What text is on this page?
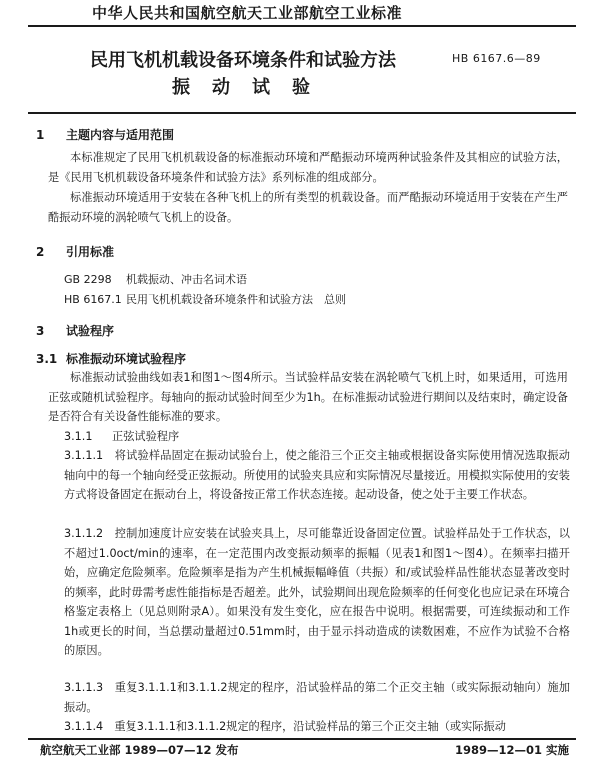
中华人民共和国航空航天工业部航空工业标准
民用飞机机载设备环境条件和试验方法	HB 6167.6—89
振动试验
1 主题内容与适用范围
本标准规定了民用飞机机载设备的标准振动环境和严酷振动环境两种试验条件及其相应的试验方法，是《民用飞机机载设备环境条件和试验方法》系列标准的组成部分。
标准振动环境适用于安装在各种飞机上的所有类型的机载设备。而严酷振动环境适用于安装在产生严酷振动环境的涡轮喷气飞机上的设备。
2 引用标准
GB 2298 机载振动、冲击名词术语
HB 6167.1 民用飞机机载设备环境条件和试验方法　总则
3 试验程序
3.1 标准振动环境试验程序
标准振动试验曲线如表1和图1～图4所示。当试验样品安装在涡轮喷气飞机上时，如果适用，可选用正弦或随机试验程序。每轴向的振动试验时间至少为1h。在标准振动试验进行期间以及结束时，确定设备是否符合有关设备性能标准的要求。
3.1.1 正弦试验程序
3.1.1.1　 将试验样品固定在振动试验台上，使之能沿三个正交主轴或根据设备实际使用情况选取振动轴向中的每一个轴向经受正弦振动。所使用的试验夹具应和实际情况尽量接近。用模拟实际使用的安装方式将设备固定在振动台上，将设备按正常工作状态连接。起动设备，使之处于主要工作状态。
3.1.1.2　 控制加速度计应安装在试验夹具上，尽可能靠近设备固定位置。试验样品处于工作状态，以不超过1.0oct/min的速率，在一定范围内改变振动频率的振幅（见表1和图1～图4）。在频率扫描开始，应确定危险频率。危险频率是指为产生机械振幅峰值（共振）和/或试验样品性能状态显著改变时的频率，此时毋需考虑性能指标是否超差。此外，试验期间出现危险频率的任何变化也应记录在环境合格鉴定表格上（见总则附录A）。如果没有发生变化，应在报告中说明。根据需要，可连续振动和工作1h或更长的时间，当总摆动量超过0.51mm时，由于显示抖动造成的读数困难，不应作为试验不合格的原因。
3.1.1.3　 重复3.1.1.1和3.1.1.2规定的程序，沿试验样品的第二个正交主轴（或实际振动轴向）施加振动。
3.1.1.4　 重复3.1.1.1和3.1.1.2规定的程序，沿试验样品的第三个正交主轴（或实际振动
航空航天工业部 1989—07—12 发布	1989—12—01 实施
